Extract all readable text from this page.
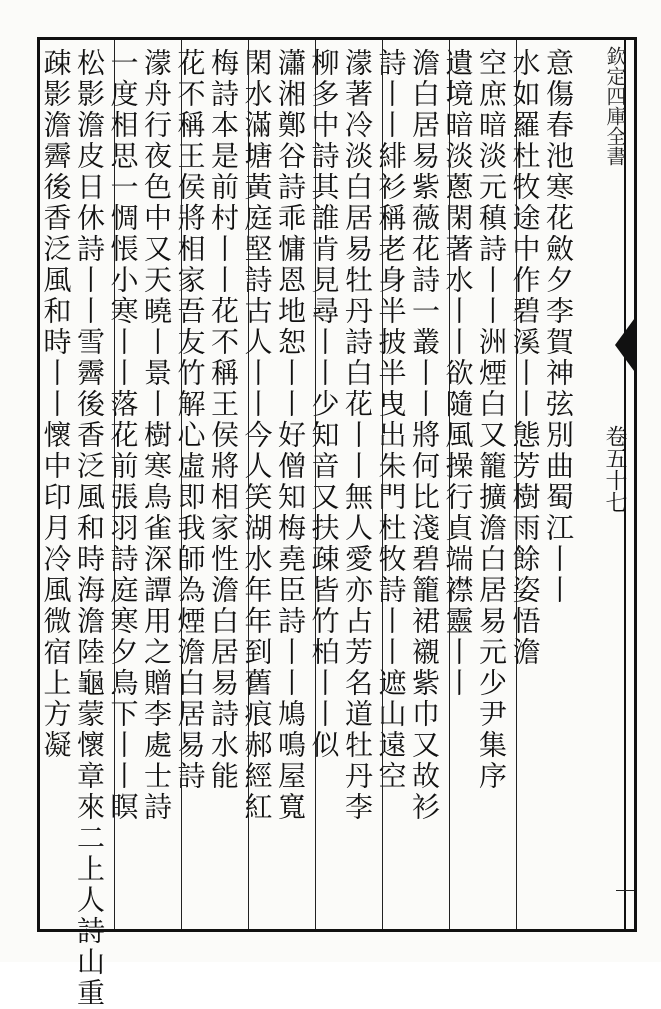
欽定四庫全書
卷五十七
意傷春池寒花斂夕李賀神弦別曲蜀江丨丨
水如羅杜牧途中作碧溪丨丨態芳樹雨餘姿悟澹
空庶暗淡元稹詩丨丨洲煙白又籠擴澹白居易元少尹集序
遺境暗淡蔥閑著水丨丨欲隨風操行貞端襟靈丨丨
澹白居易紫薇花詩一叢丨丨將何比淺碧籠裙襯紫巾又故衫
詩丨丨緋衫稱老身半披半曳出朱門杜牧詩丨丨遮山遠空
濛著冷淡白居易牡丹詩白花丨丨無人愛亦占芳名道牡丹李
柳多中詩其誰肯見尋丨丨少知音又扶疎皆竹柏丨丨似
瀟湘鄭谷詩乖慵恩地恕丨丨好僧知梅堯臣詩丨丨鳩鳴屋寬
閑水滿塘黃庭堅詩古人丨丨今人笑湖水年年到舊痕郝經紅
梅詩本是前村丨丨花不稱王侯將相家性澹白居易詩水能
花不稱王侯將相家吾友竹解心虛即我師為煙澹白居易詩
濛舟行夜色中又天曉丨景丨樹寒鳥雀深譚用之贈李處士詩
一度相思一惆悵小寒丨丨落花前張羽詩庭寒夕鳥下丨丨瞑
松影澹皮日休詩丨丨雪霽後香泛風和時海澹陸龜蒙懷章來二上人詩山重
疎影澹霽後香泛風和時丨丨懷中印月冷風微宿上方凝
